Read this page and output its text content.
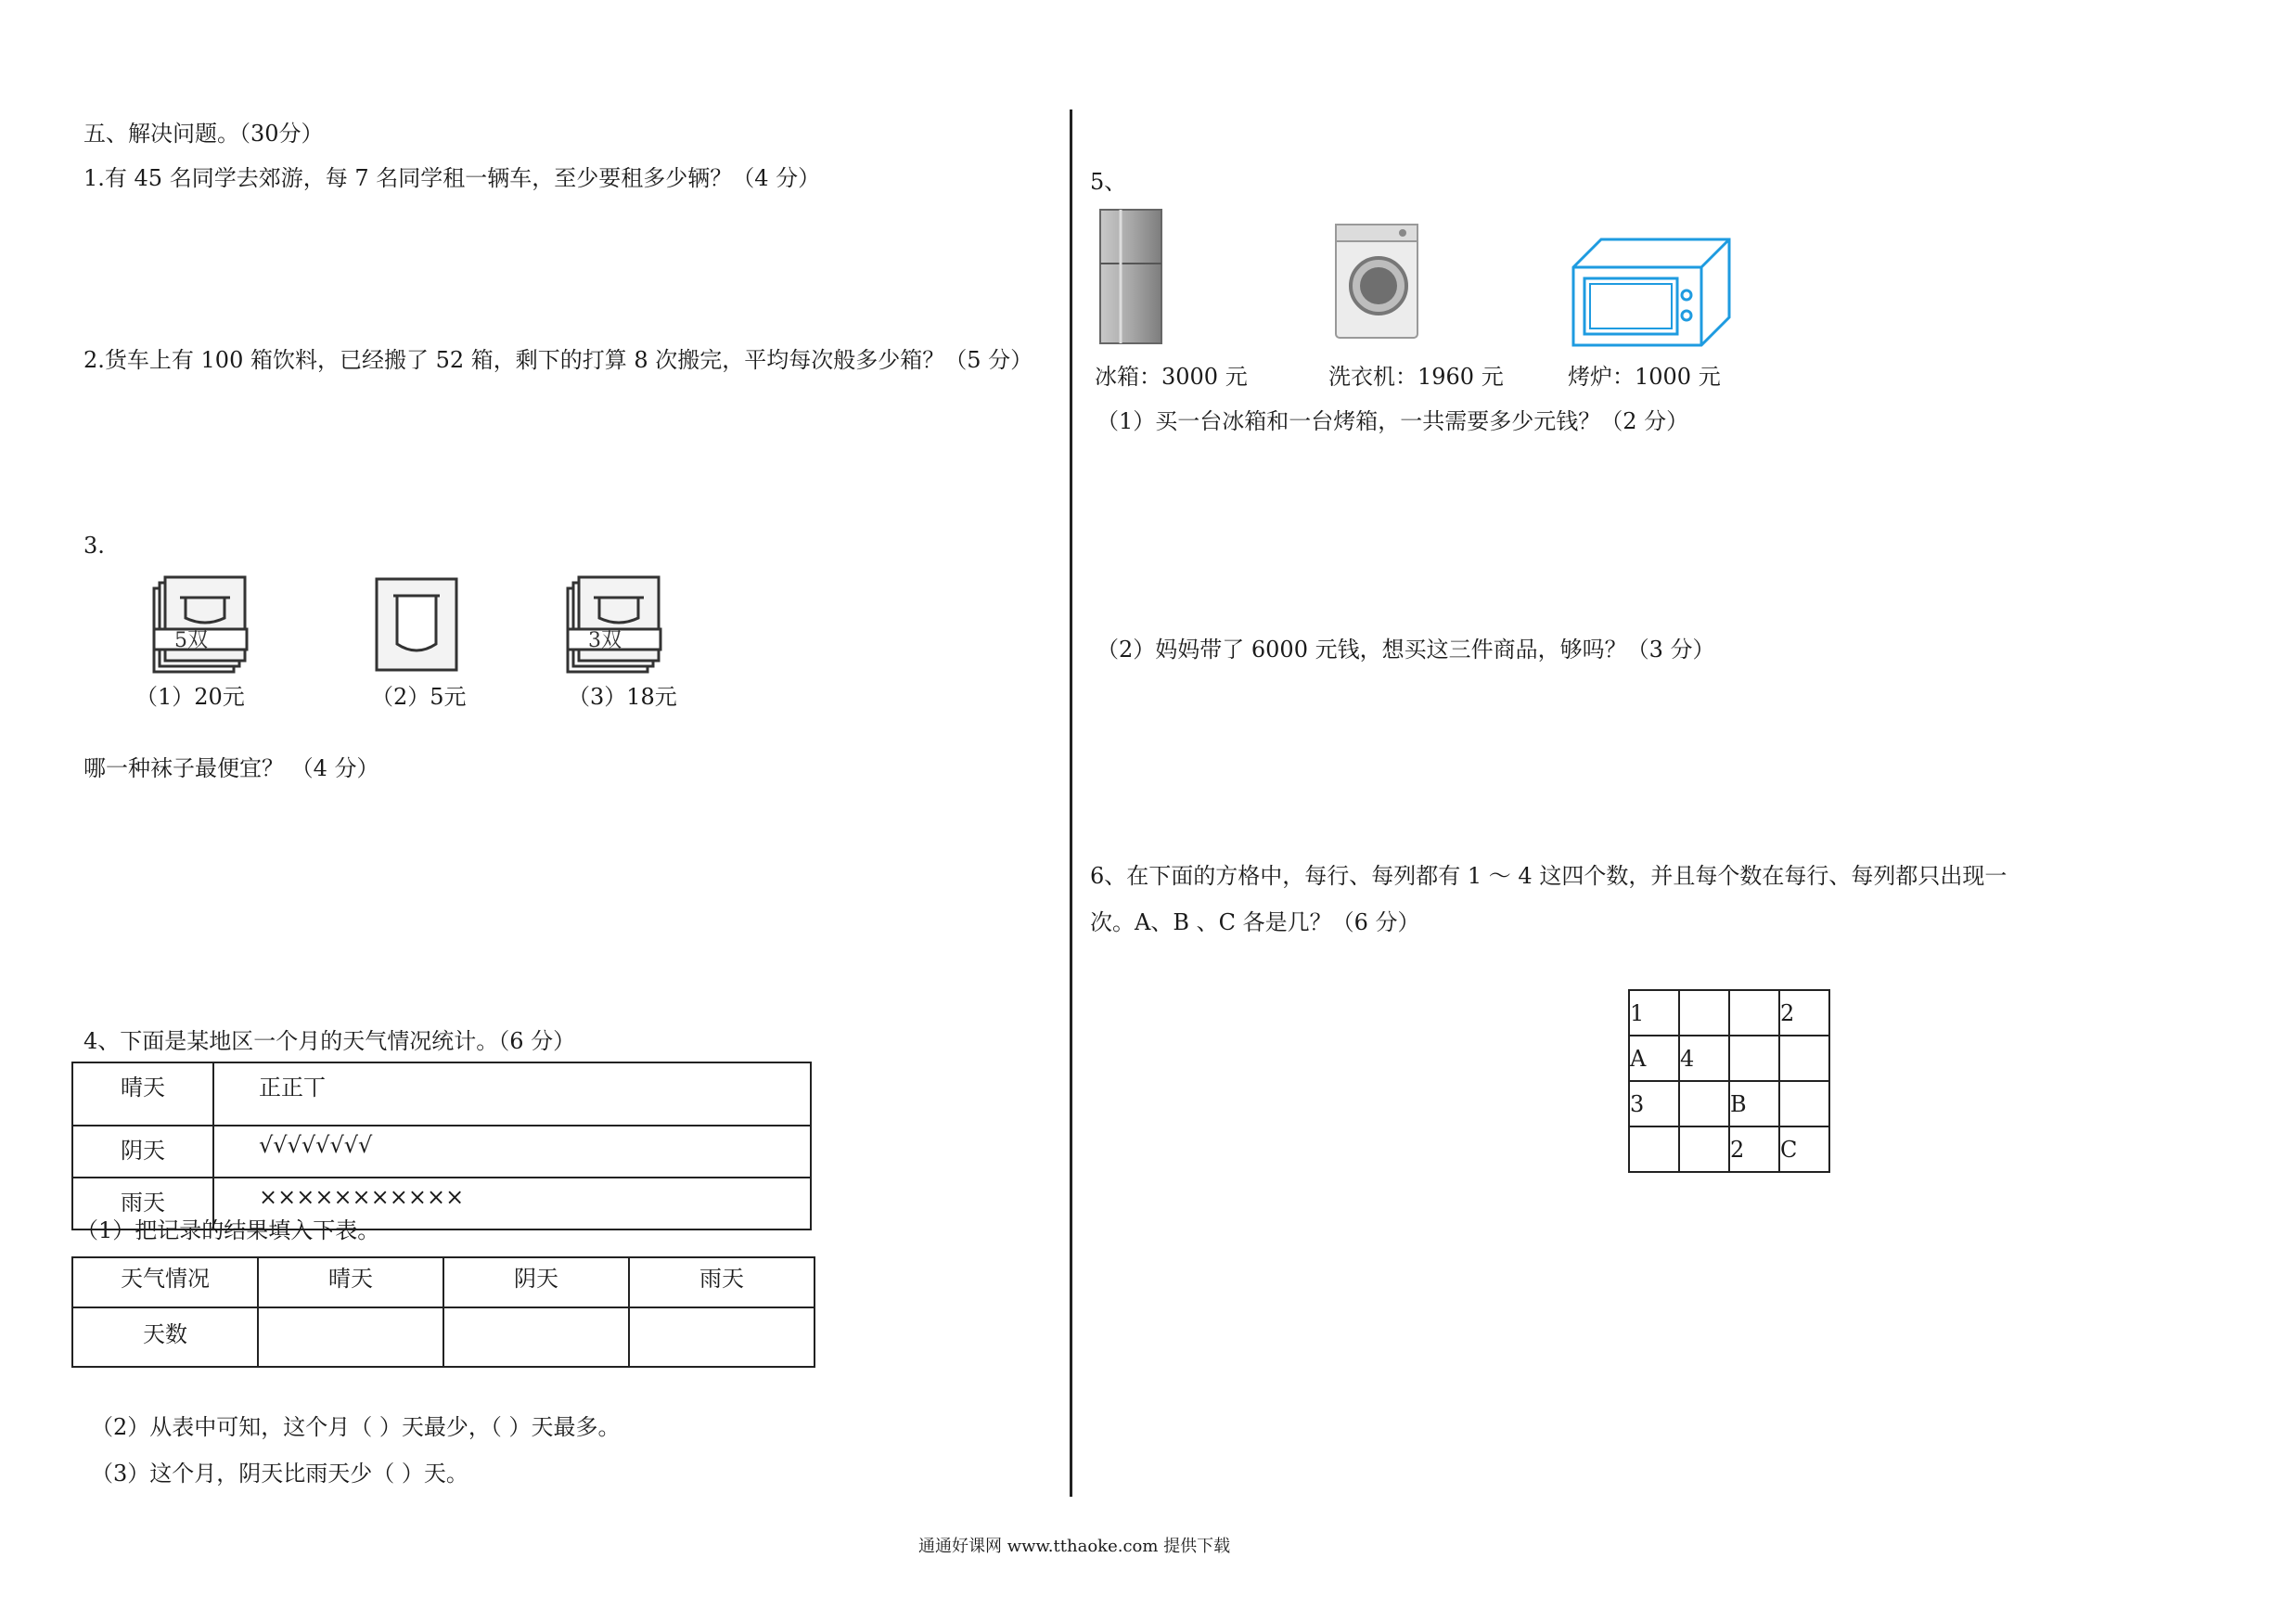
五、解决问题。（30分）
1.有 45 名同学去郊游，每 7 名同学租一辆车，至少要租多少辆？（4 分）
2.货车上有 100 箱饮料，已经搬了 52 箱，剩下的打算 8 次搬完，平均每次般多少箱？（5 分）
3.
5双	3双
（1）20元	（2）5元	（3）18元
哪一种袜子最便宜？ （4 分）
4、下面是某地区一个月的天气情况统计。（6 分）
晴天	正正丅
阴天	√√√√√√√√
雨天	×××××××××××
（1）把记录的结果填入下表。
天气情况	晴天	阴天	雨天
天数			
（2）从表中可知，这个月（ ）天最少，（ ）天最多。
（3）这个月，阴天比雨天少（ ）天。
5、
冰箱：3000 元	洗衣机：1960 元	烤炉：1000 元
（1）买一台冰箱和一台烤箱，一共需要多少元钱？（2 分）
（2）妈妈带了 6000 元钱，想买这三件商品，够吗？（3 分）
6、在下面的方格中，每行、每列都有 1 ～ 4 这四个数，并且每个数在每行、每列都只出现一
次。A、B 、C 各是几？（6 分）
1			2
A	4		
3		B	
		2	C
通通好课网 www.tthaoke.com 提供下载
